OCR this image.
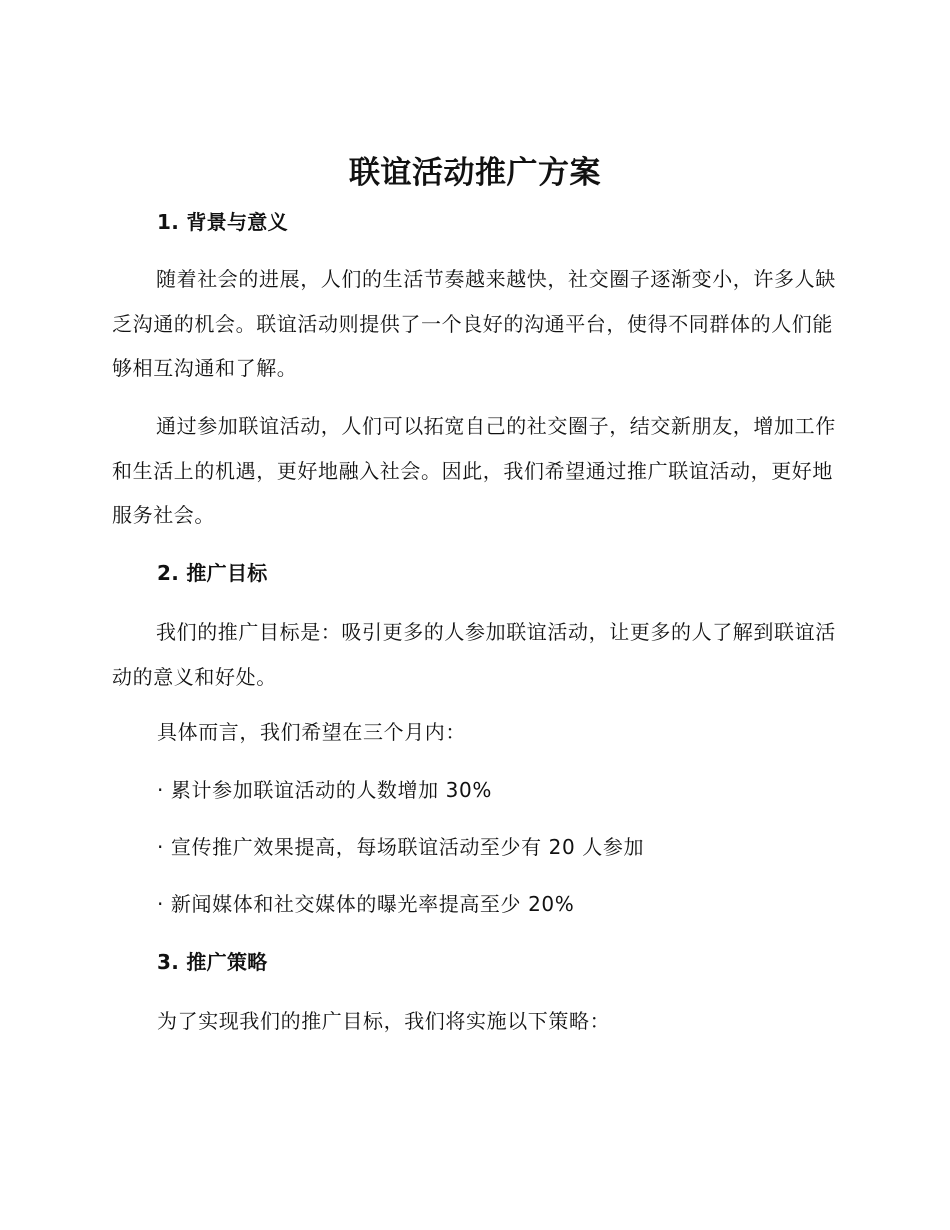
联谊活动推广方案
1. 背景与意义
随着社会的进展，人们的生活节奏越来越快，社交圈子逐渐变小，许多人缺乏沟通的机会。联谊活动则提供了一个良好的沟通平台，使得不同群体的人们能够相互沟通和了解。
通过参加联谊活动，人们可以拓宽自己的社交圈子，结交新朋友，增加工作和生活上的机遇，更好地融入社会。因此，我们希望通过推广联谊活动，更好地服务社会。
2. 推广目标
我们的推广目标是：吸引更多的人参加联谊活动，让更多的人了解到联谊活动的意义和好处。
具体而言，我们希望在三个月内：
· 累计参加联谊活动的人数增加 30%
· 宣传推广效果提高，每场联谊活动至少有 20 人参加
· 新闻媒体和社交媒体的曝光率提高至少 20%
3. 推广策略
为了实现我们的推广目标，我们将实施以下策略：
